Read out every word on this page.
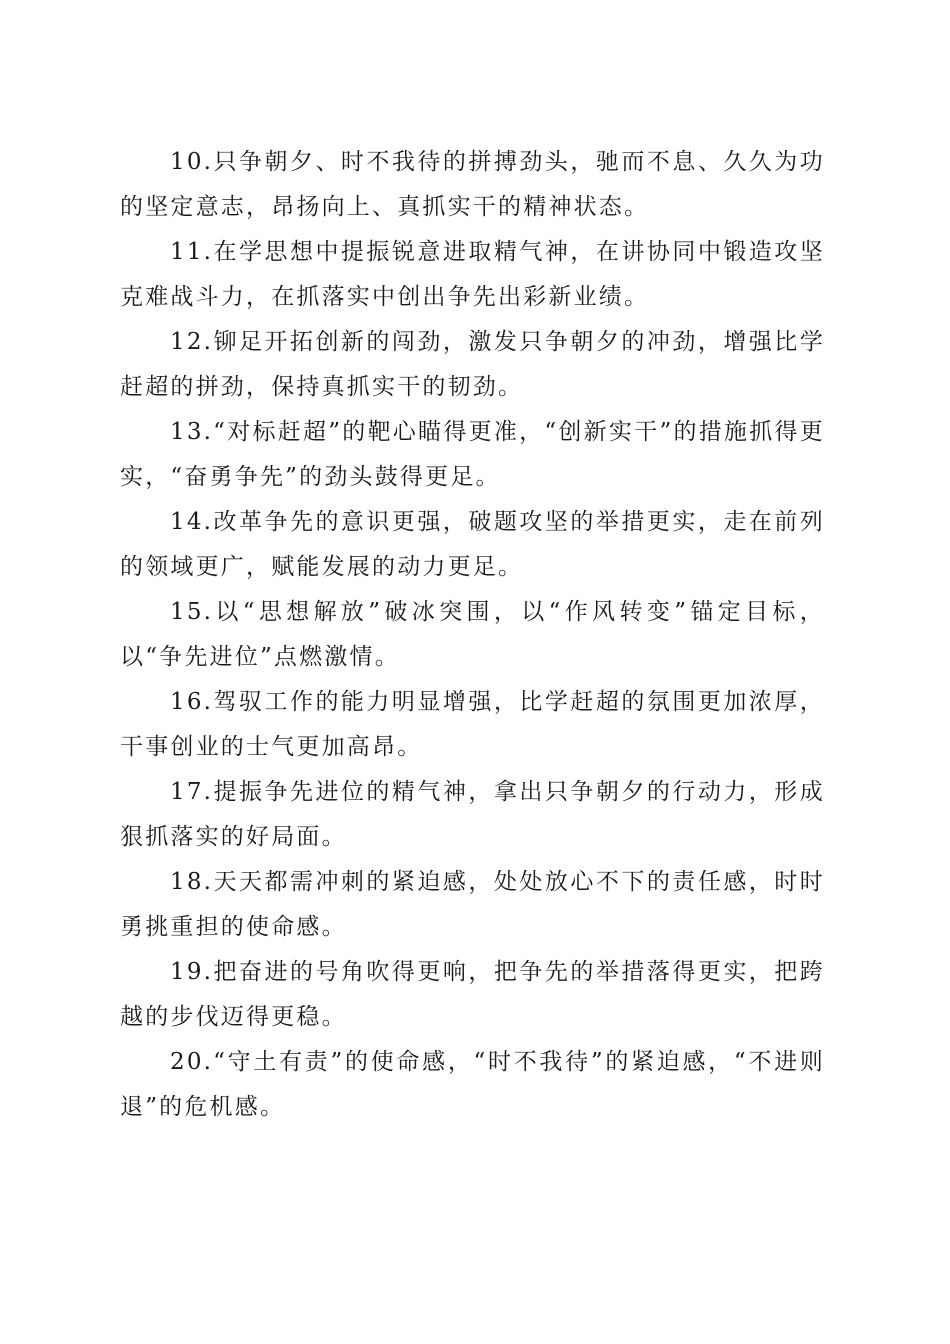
10.只争朝夕、时不我待的拼搏劲头，驰而不息、久久为功的坚定意志，昂扬向上、真抓实干的精神状态。

11.在学思想中提振锐意进取精气神，在讲协同中锻造攻坚克难战斗力，在抓落实中创出争先出彩新业绩。

12.铆足开拓创新的闯劲，激发只争朝夕的冲劲，增强比学赶超的拼劲，保持真抓实干的韧劲。

13.“对标赶超”的靶心瞄得更准，“创新实干”的措施抓得更实，“奋勇争先”的劲头鼓得更足。

14.改革争先的意识更强，破题攻坚的举措更实，走在前列的领域更广，赋能发展的动力更足。

15.以“思想解放”破冰突围，以“作风转变”锚定目标，以“争先进位”点燃激情。

16.驾驭工作的能力明显增强，比学赶超的氛围更加浓厚，干事创业的士气更加高昂。

17.提振争先进位的精气神，拿出只争朝夕的行动力，形成狠抓落实的好局面。

18.天天都需冲刺的紧迫感，处处放心不下的责任感，时时勇挑重担的使命感。

19.把奋进的号角吹得更响，把争先的举措落得更实，把跨越的步伐迈得更稳。

20.“守土有责”的使命感，“时不我待”的紧迫感，“不进则退”的危机感。
